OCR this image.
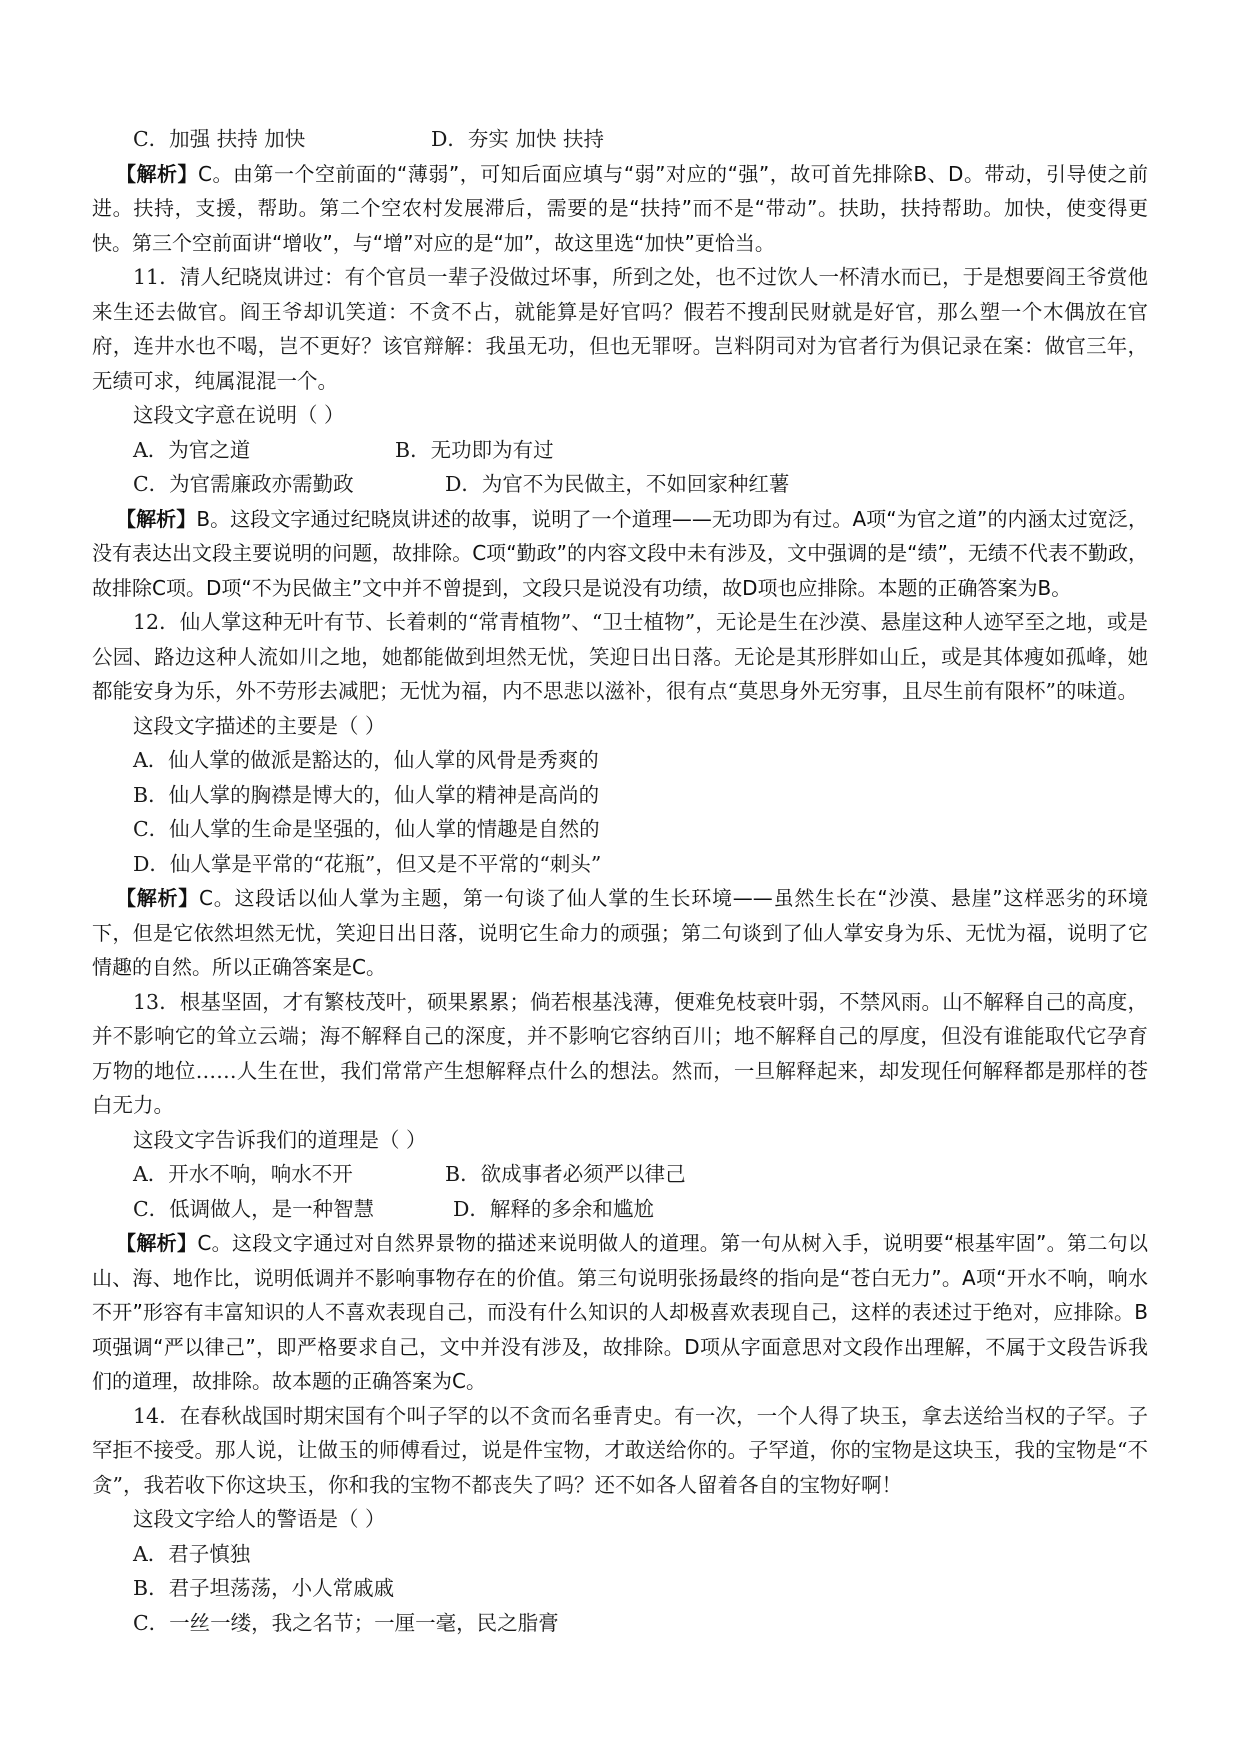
C．加强 扶持 加快	D．夯实 加快 扶持
【解析】C。由第一个空前面的“薄弱”，可知后面应填与“弱”对应的“强”，故可首先排除B、D。带动，引导使之前进。扶持，支援，帮助。第二个空农村发展滞后，需要的是“扶持”而不是“带动”。扶助，扶持帮助。加快，使变得更快。第三个空前面讲“增收”，与“增”对应的是“加”，故这里选“加快”更恰当。
11．清人纪晓岚讲过：有个官员一辈子没做过坏事，所到之处，也不过饮人一杯清水而已，于是想要阎王爷赏他来生还去做官。阎王爷却讥笑道：不贪不占，就能算是好官吗？假若不搜刮民财就是好官，那么塑一个木偶放在官府，连井水也不喝，岂不更好？该官辩解：我虽无功，但也无罪呀。岂料阴司对为官者行为俱记录在案：做官三年，无绩可求，纯属混混一个。
这段文字意在说明（ ）
A．为官之道	B．无功即为有过
C．为官需廉政亦需勤政	D．为官不为民做主，不如回家种红薯
【解析】B。这段文字通过纪晓岚讲述的故事，说明了一个道理——无功即为有过。A项“为官之道”的内涵太过宽泛，没有表达出文段主要说明的问题，故排除。C项“勤政”的内容文段中未有涉及，文中强调的是“绩”，无绩不代表不勤政，故排除C项。D项“不为民做主”文中并不曾提到，文段只是说没有功绩，故D项也应排除。本题的正确答案为B。
12．仙人掌这种无叶有节、长着刺的“常青植物”、“卫士植物”，无论是生在沙漠、悬崖这种人迹罕至之地，或是公园、路边这种人流如川之地，她都能做到坦然无忧，笑迎日出日落。无论是其形胖如山丘，或是其体瘦如孤峰，她都能安身为乐，外不劳形去减肥；无忧为福，内不思悲以滋补，很有点“莫思身外无穷事，且尽生前有限杯”的味道。
这段文字描述的主要是（ ）
A．仙人掌的做派是豁达的，仙人掌的风骨是秀爽的
B．仙人掌的胸襟是博大的，仙人掌的精神是高尚的
C．仙人掌的生命是坚强的，仙人掌的情趣是自然的
D．仙人掌是平常的“花瓶”，但又是不平常的“刺头”
【解析】C。这段话以仙人掌为主题，第一句谈了仙人掌的生长环境——虽然生长在“沙漠、悬崖”这样恶劣的环境下，但是它依然坦然无忧，笑迎日出日落，说明它生命力的顽强；第二句谈到了仙人掌安身为乐、无忧为福，说明了它情趣的自然。所以正确答案是C。
13．根基坚固，才有繁枝茂叶，硕果累累；倘若根基浅薄，便难免枝衰叶弱，不禁风雨。山不解释自己的高度，并不影响它的耸立云端；海不解释自己的深度，并不影响它容纳百川；地不解释自己的厚度，但没有谁能取代它孕育万物的地位……人生在世，我们常常产生想解释点什么的想法。然而，一旦解释起来，却发现任何解释都是那样的苍白无力。
这段文字告诉我们的道理是（ ）
A．开水不响，响水不开	B．欲成事者必须严以律己
C．低调做人，是一种智慧	D．解释的多余和尴尬
【解析】C。这段文字通过对自然界景物的描述来说明做人的道理。第一句从树入手，说明要“根基牢固”。第二句以山、海、地作比，说明低调并不影响事物存在的价值。第三句说明张扬最终的指向是“苍白无力”。A项“开水不响，响水不开”形容有丰富知识的人不喜欢表现自己，而没有什么知识的人却极喜欢表现自己，这样的表述过于绝对，应排除。B项强调“严以律己”，即严格要求自己，文中并没有涉及，故排除。D项从字面意思对文段作出理解，不属于文段告诉我们的道理，故排除。故本题的正确答案为C。
14．在春秋战国时期宋国有个叫子罕的以不贪而名垂青史。有一次，一个人得了块玉，拿去送给当权的子罕。子罕拒不接受。那人说，让做玉的师傅看过，说是件宝物，才敢送给你的。子罕道，你的宝物是这块玉，我的宝物是“不贪”，我若收下你这块玉，你和我的宝物不都丧失了吗？还不如各人留着各自的宝物好啊！
这段文字给人的警语是（ ）
A．君子慎独
B．君子坦荡荡，小人常戚戚
C．一丝一缕，我之名节；一厘一毫，民之脂膏
